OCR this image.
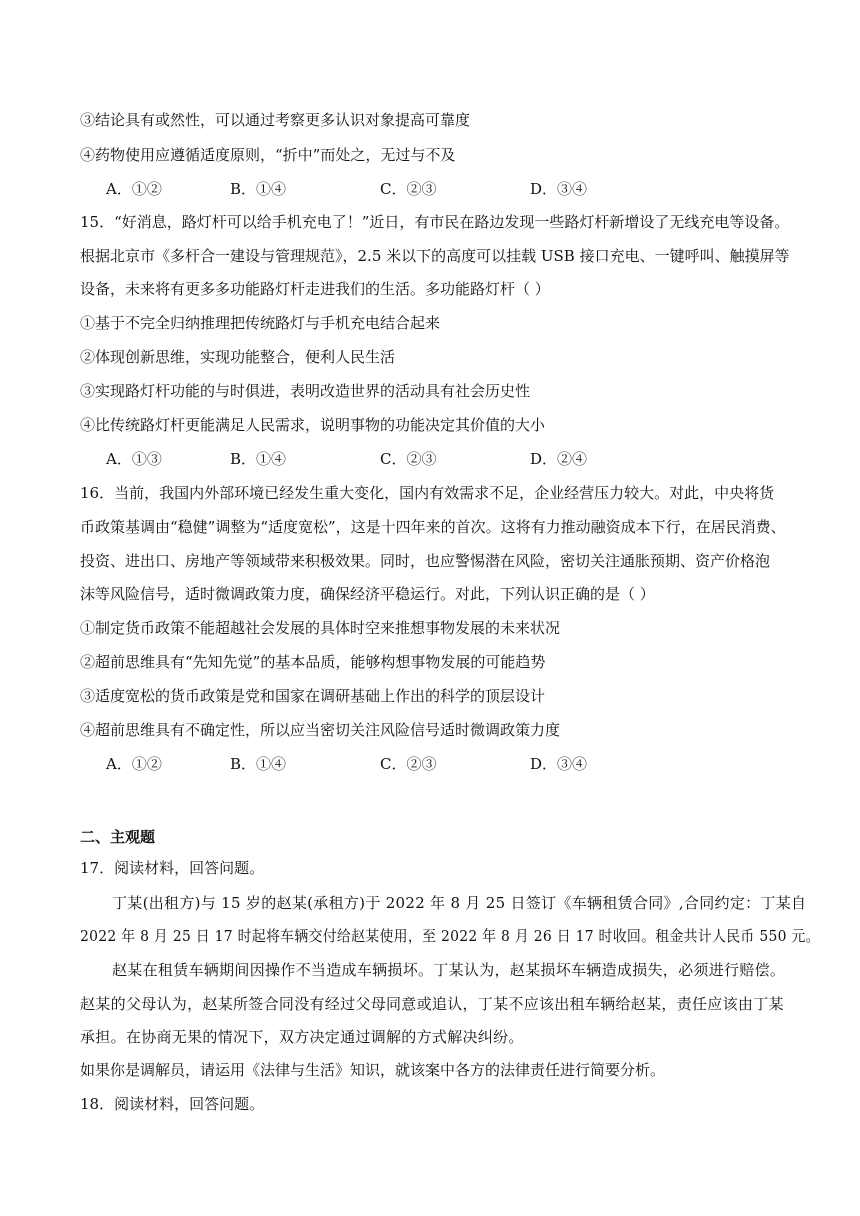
③结论具有或然性，可以通过考察更多认识对象提高可靠度
④药物使用应遵循适度原则，“折中”而处之，无过与不及
A．①②	B．①④	C．②③	D．③④
15．“好消息，路灯杆可以给手机充电了！”近日，有市民在路边发现一些路灯杆新增设了无线充电等设备。
根据北京市《多杆合一建设与管理规范》，2.5 米以下的高度可以挂载 USB 接口充电、一键呼叫、触摸屏等
设备，未来将有更多多功能路灯杆走进我们的生活。多功能路灯杆（ ）
①基于不完全归纳推理把传统路灯与手机充电结合起来
②体现创新思维，实现功能整合，便利人民生活
③实现路灯杆功能的与时俱进，表明改造世界的活动具有社会历史性
④比传统路灯杆更能满足人民需求，说明事物的功能决定其价值的大小
A．①③	B．①④	C．②③	D．②④
16．当前，我国内外部环境已经发生重大变化，国内有效需求不足，企业经营压力较大。对此，中央将货
币政策基调由“稳健”调整为“适度宽松”，这是十四年来的首次。这将有力推动融资成本下行，在居民消费、
投资、进出口、房地产等领域带来积极效果。同时，也应警惕潜在风险，密切关注通胀预期、资产价格泡
沫等风险信号，适时微调政策力度，确保经济平稳运行。对此，下列认识正确的是（ ）
①制定货币政策不能超越社会发展的具体时空来推想事物发展的未来状况
②超前思维具有“先知先觉”的基本品质，能够构想事物发展的可能趋势
③适度宽松的货币政策是党和国家在调研基础上作出的科学的顶层设计
④超前思维具有不确定性，所以应当密切关注风险信号适时微调政策力度
A．①②	B．①④	C．②③	D．③④
二、主观题
17．阅读材料，回答问题。
丁某(出租方)与 15 岁的赵某(承租方)于 2022 年 8 月 25 日签订《车辆租赁合同》,合同约定：丁某自
2022 年 8 月 25 日 17 时起将车辆交付给赵某使用，至 2022 年 8 月 26 日 17 时收回。租金共计人民币 550 元。
赵某在租赁车辆期间因操作不当造成车辆损坏。丁某认为，赵某损坏车辆造成损失，必须进行赔偿。
赵某的父母认为，赵某所签合同没有经过父母同意或追认，丁某不应该出租车辆给赵某，责任应该由丁某
承担。在协商无果的情况下，双方决定通过调解的方式解决纠纷。
如果你是调解员，请运用《法律与生活》知识，就该案中各方的法律责任进行简要分析。
18．阅读材料，回答问题。
